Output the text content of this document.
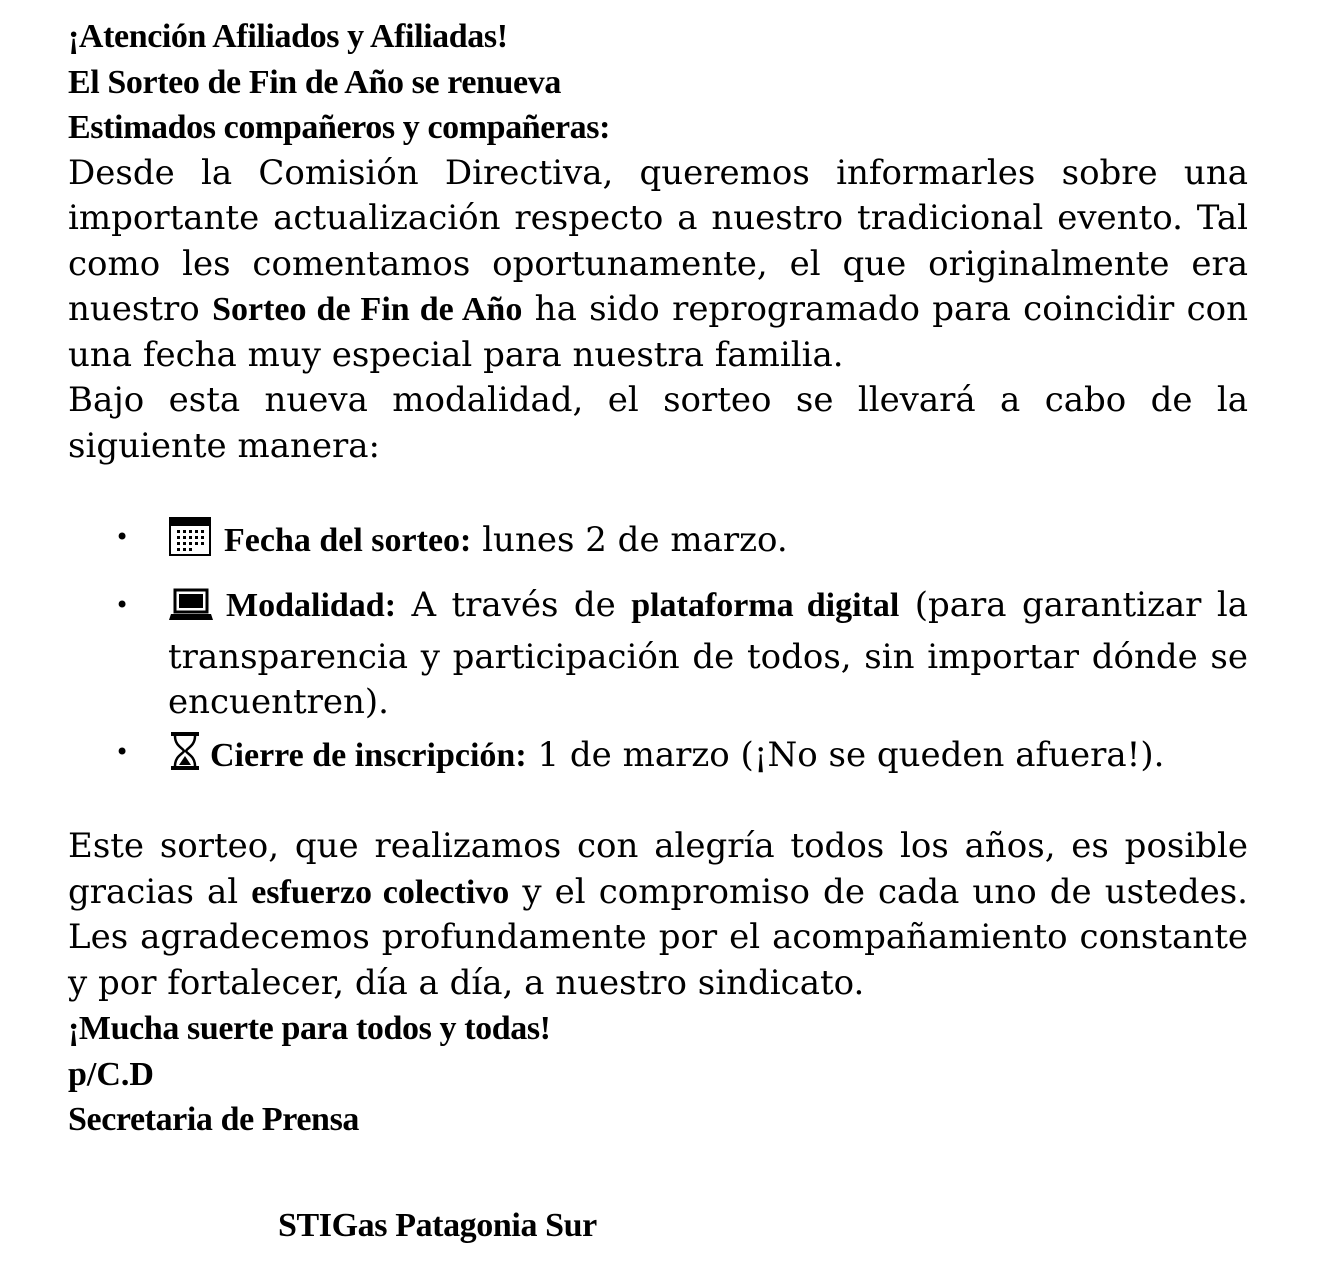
¡Atención Afiliados y Afiliadas!
El Sorteo de Fin de Año se renueva
Estimados compañeros y compañeras:

Desde la Comisión Directiva, queremos informarles sobre una importante actualización respecto a nuestro tradicional evento. Tal como les comentamos oportunamente, el que originalmente era nuestro Sorteo de Fin de Año ha sido reprogramado para coincidir con una fecha muy especial para nuestra familia.

Bajo esta nueva modalidad, el sorteo se llevará a cabo de la siguiente manera:

•	Fecha del sorteo: lunes 2 de marzo.
•	Modalidad: A través de plataforma digital (para garantizar la transparencia y participación de todos, sin importar dónde se encuentren).
• Cierre de inscripción: 1 de marzo (¡No se queden afuera!).

Este sorteo, que realizamos con alegría todos los años, es posible gracias al esfuerzo colectivo y el compromiso de cada uno de ustedes. Les agradecemos profundamente por el acompañamiento constante y por fortalecer, día a día, a nuestro sindicato.

¡Mucha suerte para todos y todas!
p/C.D
Secretaria de Prensa
STIGas Patagonia Sur
